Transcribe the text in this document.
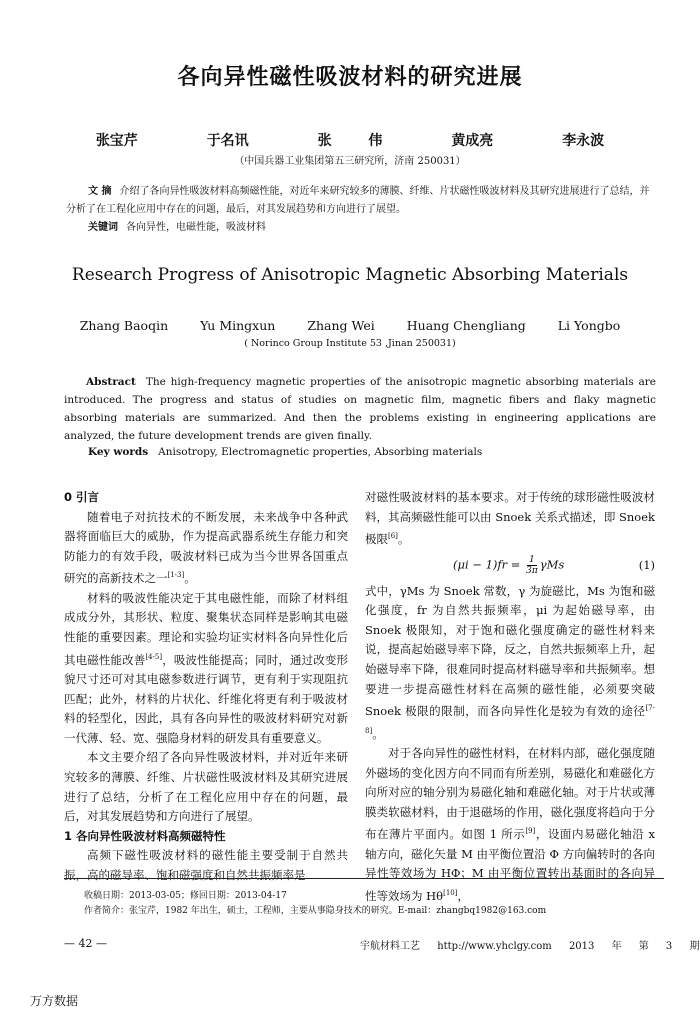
各向异性磁性吸波材料的研究进展
张宝芹	于名讯	张 伟	黄成亮	李永波
（中国兵器工业集团第五三研究所，济南 250031）
文 摘 介绍了各向异性吸波材料高频磁性能，对近年来研究较多的薄膜、纤维、片状磁性吸波材料及其研究进展进行了总结，并分析了在工程化应用中存在的问题，最后，对其发展趋势和方向进行了展望。
关键词 各向异性，电磁性能，吸波材料
Research Progress of Anisotropic Magnetic Absorbing Materials
Zhang Baoqin	Yu Mingxun	Zhang Wei	Huang Chengliang	Li Yongbo
( Norinco Group Institute 53 ,Jinan 250031)
Abstract The high-frequency magnetic properties of the anisotropic magnetic absorbing materials are introduced. The progress and status of studies on magnetic film, magnetic fibers and flaky magnetic absorbing materials are summarized. And then the problems existing in engineering applications are analyzed, the future development trends are given finally.
Key words Anisotropy, Electromagnetic properties, Absorbing materials
0 引言

随着电子对抗技术的不断发展，未来战争中各种武器将面临巨大的威胁，作为提高武器系统生存能力和突防能力的有效手段，吸波材料已成为当今世界各国重点研究的高新技术之一[1-3]。

材料的吸波性能决定于其电磁性能，而除了材料组成成分外，其形状、粒度、聚集状态同样是影响其电磁性能的重要因素。理论和实验均证实材料各向异性化后其电磁性能改善[4-5]，吸波性能提高；同时，通过改变形貌尺寸还可对其电磁参数进行调节，更有利于实现阻抗匹配；此外，材料的片状化、纤维化将更有利于吸波材料的轻型化，因此，具有各向异性的吸波材料研究对新一代薄、轻、宽、强隐身材料的研发具有重要意义。

本文主要介绍了各向异性吸波材料，并对近年来研究较多的薄膜、纤维、片状磁性吸波材料及其研究进展进行了总结，分析了在工程化应用中存在的问题，最后，对其发展趋势和方向进行了展望。

1 各向异性吸波材料高频磁特性

高频下磁性吸波材料的磁性能主要受制于自然共振，高的磁导率、饱和磁强度和自然共振频率是

对磁性吸波材料的基本要求。对于传统的球形磁性吸波材料，其高频磁性能可以由 Snoek 关系式描述，即 Snoek 极限[6]。

$(\mu i - 1)fr = \frac{1}{3\pi}$ γMs	(1)

式中，γMs 为 Snoek 常数，γ 为旋磁比，Ms 为饱和磁化强度，fr 为自然共振频率，μi 为起始磁导率，由 Snoek 极限知，对于饱和磁化强度确定的磁性材料来说，提高起始磁导率下降，反之，自然共振频率上升，起始磁导率下降，很难同时提高材料磁导率和共振频率。想要进一步提高磁性材料在高频的磁性能，必须要突破 Snoek 极限的限制，而各向异性化是较为有效的途径[7-8]。

对于各向异性的磁性材料，在材料内部，磁化强度随外磁场的变化因方向不同而有所差别，易磁化和难磁化方向所对应的轴分别为易磁化轴和难磁化轴。对于片状或薄膜类软磁材料，由于退磁场的作用，磁化强度将趋向于分布在薄片平面内。如图 1 所示[9]，设面内易磁化轴沿 x 轴方向，磁化矢量 M 由平衡位置沿 Φ 方向偏转时的各向异性等效场为 HΦ；M 由平衡位置转出基面时的各向异性等效场为 Hθ[10]，

收稿日期：2013-03-05；修回日期：2013-04-17
作者简介：张宝芹，1982 年出生，硕士，工程师，主要从事隐身技术的研究。E-mail：zhangbq1982@163.com
— 42 —	宇航材料工艺 http://www.yhclgy.com 2013 年 第 3 期
万方数据
